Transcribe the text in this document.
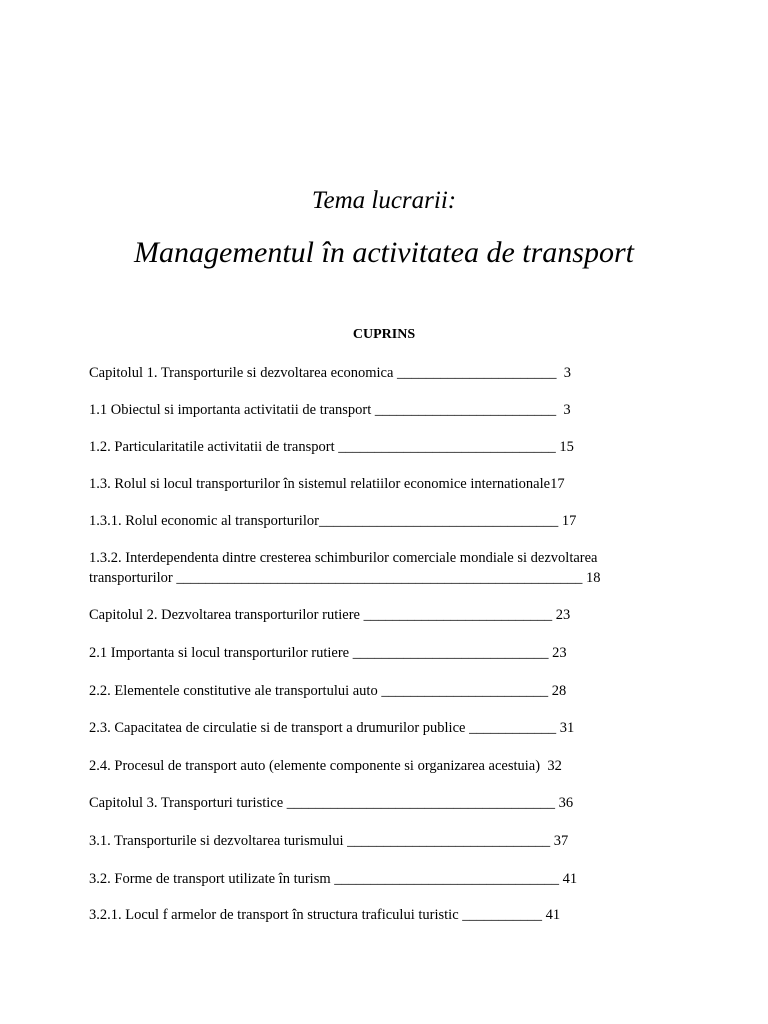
Tema lucrarii:
Managementul în activitatea de transport
CUPRINS
Capitolul 1. Transporturile si dezvoltarea economica ______________________  3
1.1 Obiectul si importanta activitatii de transport _________________________  3
1.2. Particularitatile activitatii de transport ______________________________ 15
1.3. Rolul si locul transporturilor în sistemul relatiilor economice internationale17
1.3.1. Rolul economic al transporturilor_________________________________ 17
1.3.2. Interdependenta dintre cresterea schimburilor comerciale mondiale si dezvoltarea
transporturilor ________________________________________________________ 18
Capitolul 2. Dezvoltarea transporturilor rutiere __________________________ 23
2.1 Importanta si locul transporturilor rutiere ___________________________ 23
2.2. Elementele constitutive ale transportului auto _______________________ 28
2.3. Capacitatea de circulatie si de transport a drumurilor publice ____________ 31
2.4. Procesul de transport auto (elemente componente si organizarea acestuia)  32
Capitolul 3. Transporturi turistice _____________________________________ 36
3.1. Transporturile si dezvoltarea turismului ____________________________ 37
3.2. Forme de transport utilizate în turism _______________________________ 41
3.2.1. Locul f armelor de transport în structura traficului turistic ___________ 41
